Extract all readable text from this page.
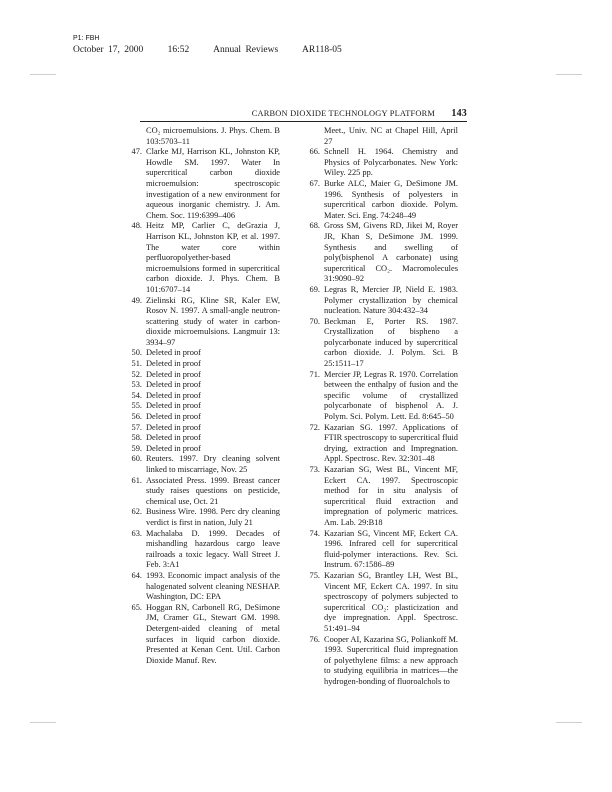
P1: FBH
October 17, 2000	16:52	Annual Reviews	AR118-05
CARBON DIOXIDE TECHNOLOGY PLATFORM 143
CO₂ microemulsions. J. Phys. Chem. B 103:5703–11
47. Clarke MJ, Harrison KL, Johnston KP, Howdle SM. 1997. Water In supercritical carbon dioxide microemulsion: spectroscopic investigation of a new environment for aqueous inorganic chemistry. J. Am. Chem. Soc. 119:6399–406
48. Heitz MP, Carlier C, deGrazia J, Harrison KL, Johnston KP, et al. 1997. The water core within perfluoropolyether-based microemulsions formed in supercritical carbon dioxide. J. Phys. Chem. B 101:6707–14
49. Zielinski RG, Kline SR, Kaler EW, Rosov N. 1997. A small-angle neutron-scattering study of water in carbon-dioxide microemulsions. Langmuir 13: 3934–97
50. Deleted in proof
51. Deleted in proof
52. Deleted in proof
53. Deleted in proof
54. Deleted in proof
55. Deleted in proof
56. Deleted in proof
57. Deleted in proof
58. Deleted in proof
59. Deleted in proof
60. Reuters. 1997. Dry cleaning solvent linked to miscarriage, Nov. 25
61. Associated Press. 1999. Breast cancer study raises questions on pesticide, chemical use, Oct. 21
62. Business Wire. 1998. Perc dry cleaning verdict is first in nation, July 21
63. Machalaba D. 1999. Decades of mishandling hazardous cargo leave railroads a toxic legacy. Wall Street J. Feb. 3:A1
64. 1993. Economic impact analysis of the halogenated solvent cleaning NESHAP. Washington, DC: EPA
65. Hoggan RN, Carbonell RG, DeSimone JM, Cramer GL, Stewart GM. 1998. Detergent-aided cleaning of metal surfaces in liquid carbon dioxide. Presented at Kenan Cent. Util. Carbon Dioxide Manuf. Rev.
Meet., Univ. NC at Chapel Hill, April 27
66. Schnell H. 1964. Chemistry and Physics of Polycarbonates. New York: Wiley. 225 pp.
67. Burke ALC, Maier G, DeSimone JM. 1996. Synthesis of polyesters in supercritical carbon dioxide. Polym. Mater. Sci. Eng. 74:248–49
68. Gross SM, Givens RD, Jikei M, Royer JR, Khan S, DeSimone JM. 1999. Synthesis and swelling of poly(bisphenol A carbonate) using supercritical CO₂. Macromolecules 31:9090–92
69. Legras R, Mercier JP, Nield E. 1983. Polymer crystallization by chemical nucleation. Nature 304:432–34
70. Beckman E, Porter RS. 1987. Crystallization of bispheno a polycarbonate induced by supercritical carbon dioxide. J. Polym. Sci. B 25:1511–17
71. Mercier JP, Legras R. 1970. Correlation between the enthalpy of fusion and the specific volume of crystallized polycarbonate of bisphenol A. J. Polym. Sci. Polym. Lett. Ed. 8:645–50
72. Kazarian SG. 1997. Applications of FTIR spectroscopy to supercritical fluid drying, extraction and Impregnation. Appl. Spectrosc. Rev. 32:301–48
73. Kazarian SG, West BL, Vincent MF, Eckert CA. 1997. Spectroscopic method for in situ analysis of supercritical fluid extraction and impregnation of polymeric matrices. Am. Lab. 29:B18
74. Kazarian SG, Vincent MF, Eckert CA. 1996. Infrared cell for supercritical fluid-polymer interactions. Rev. Sci. Instrum. 67:1586–89
75. Kazarian SG, Brantley LH, West BL, Vincent MF, Eckert CA. 1997. In situ spectroscopy of polymers subjected to supercritical CO₂: plasticization and dye impregnation. Appl. Spectrosc. 51:491–94
76. Cooper AI, Kazarina SG, Poliankoff M. 1993. Supercritical fluid impregnation of polyethylene films: a new approach to studying equilibria in matrices—the hydrogen-bonding of fluoroalchols to
